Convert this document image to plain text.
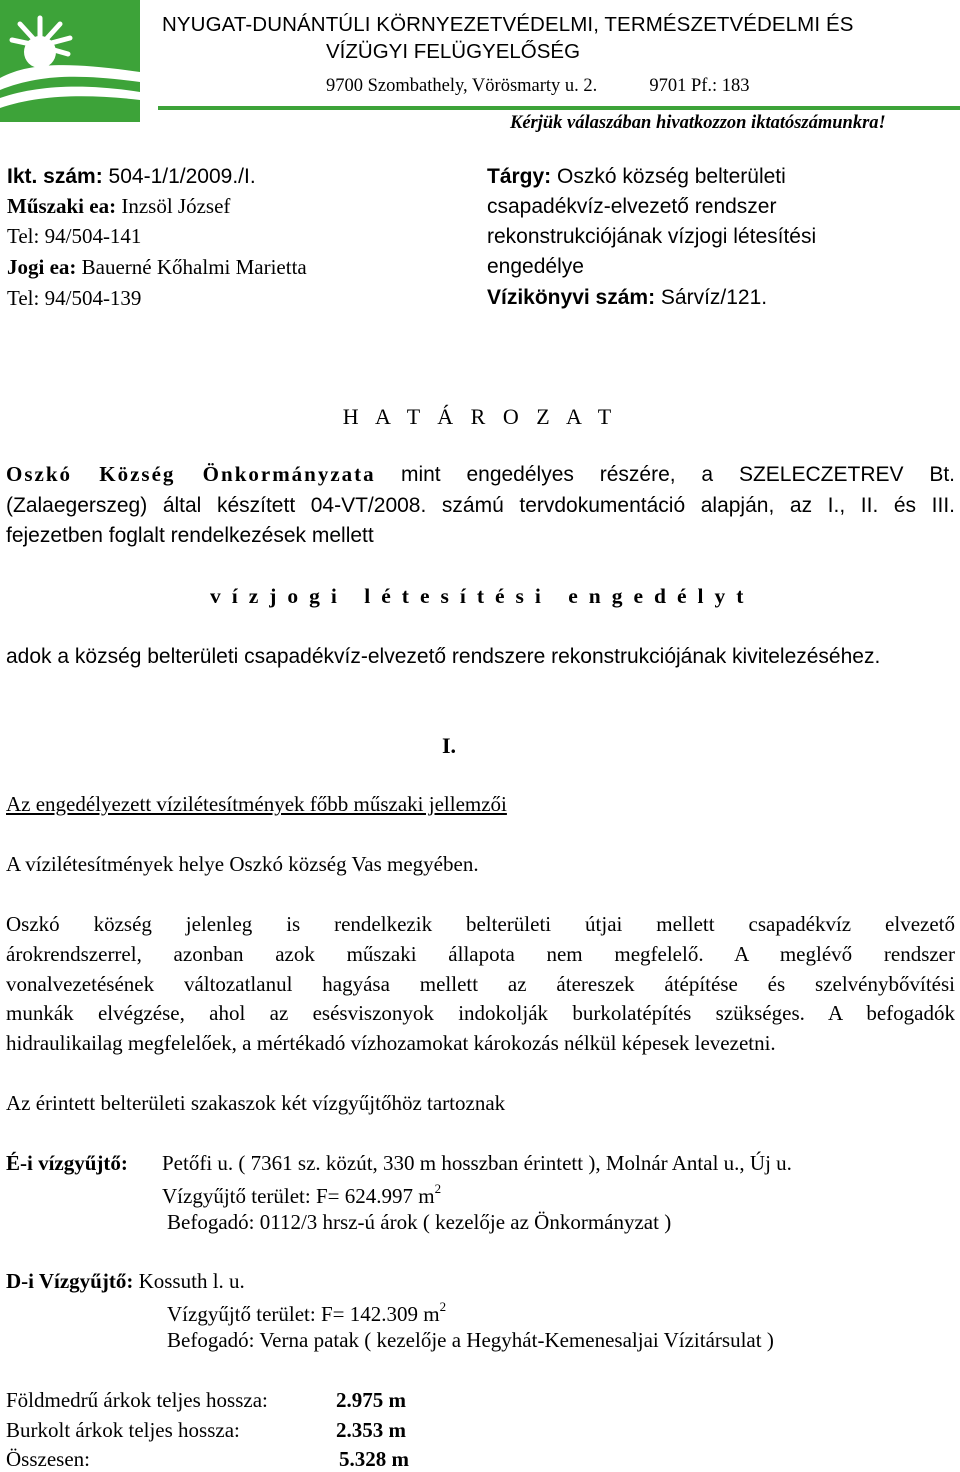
NYUGAT-DUNÁNTÚLI KÖRNYEZETVÉDELMI, TERMÉSZETVÉDELMI ÉS
VÍZÜGYI FELÜGYELŐSÉG
9700 Szombathely, Vörösmarty u. 2.	9701 Pf.: 183
Kérjük válaszában hivatkozzon iktatószámunkra!
Ikt. szám: 504-1/1/2009./I.
Műszaki ea: Inzsöl József
Tel: 94/504-141
Jogi ea: Bauerné Kőhalmi Marietta
Tel: 94/504-139
Tárgy: Oszkó község belterületi
csapadékvíz-elvezető rendszer
rekonstrukciójának vízjogi létesítési
engedélye
Vízikönyvi szám: Sárvíz/121.
H A T Á R O Z A T
Oszkó Község Önkormányzata mint engedélyes részére, a SZELECZETREV Bt.
(Zalaegerszeg) által készített 04-VT/2008. számú tervdokumentáció alapján, az I., II. és III.
fejezetben foglalt rendelkezések mellett
vízjogi létesítési engedélyt
adok a község belterületi csapadékvíz-elvezető rendszere rekonstrukciójának kivitelezéséhez.
I.
Az engedélyezett vízilétesítmények főbb műszaki jellemzői
A vízilétesítmények helye Oszkó község Vas megyében.
Oszkó község jelenleg is rendelkezik belterületi útjai mellett csapadékvíz elvezető
árokrendszerrel, azonban azok műszaki állapota nem megfelelő. A meglévő rendszer
vonalvezetésének változatlanul hagyása mellett az átereszek átépítése és szelvénybővítési
munkák elvégzése, ahol az esésviszonyok indokolják burkolatépítés szükséges. A befogadók
hidraulikailag megfelelőek, a mértékadó vízhozamokat károkozás nélkül képesek levezetni.
Az érintett belterületi szakaszok két vízgyűjtőhöz tartoznak
É-i vízgyűjtő: Petőfi u. ( 7361 sz. közút, 330 m hosszban érintett ), Molnár Antal u., Új u.
Vízgyűjtő terület: F= 624.997 $m^2$
Befogadó: 0112/3 hrsz-ú árok ( kezelője az Önkormányzat )
D-i Vízgyűjtő: Kossuth l. u.
Vízgyűjtő terület: F= 142.309 $m^2$
Befogadó: Verna patak ( kezelője a Hegyhát-Kemenesaljai Vízitársulat )
Földmedrű árkok teljes hossza:	2.975 m
Burkolt árkok teljes hossza:	2.353 m
Összesen:	5.328 m
